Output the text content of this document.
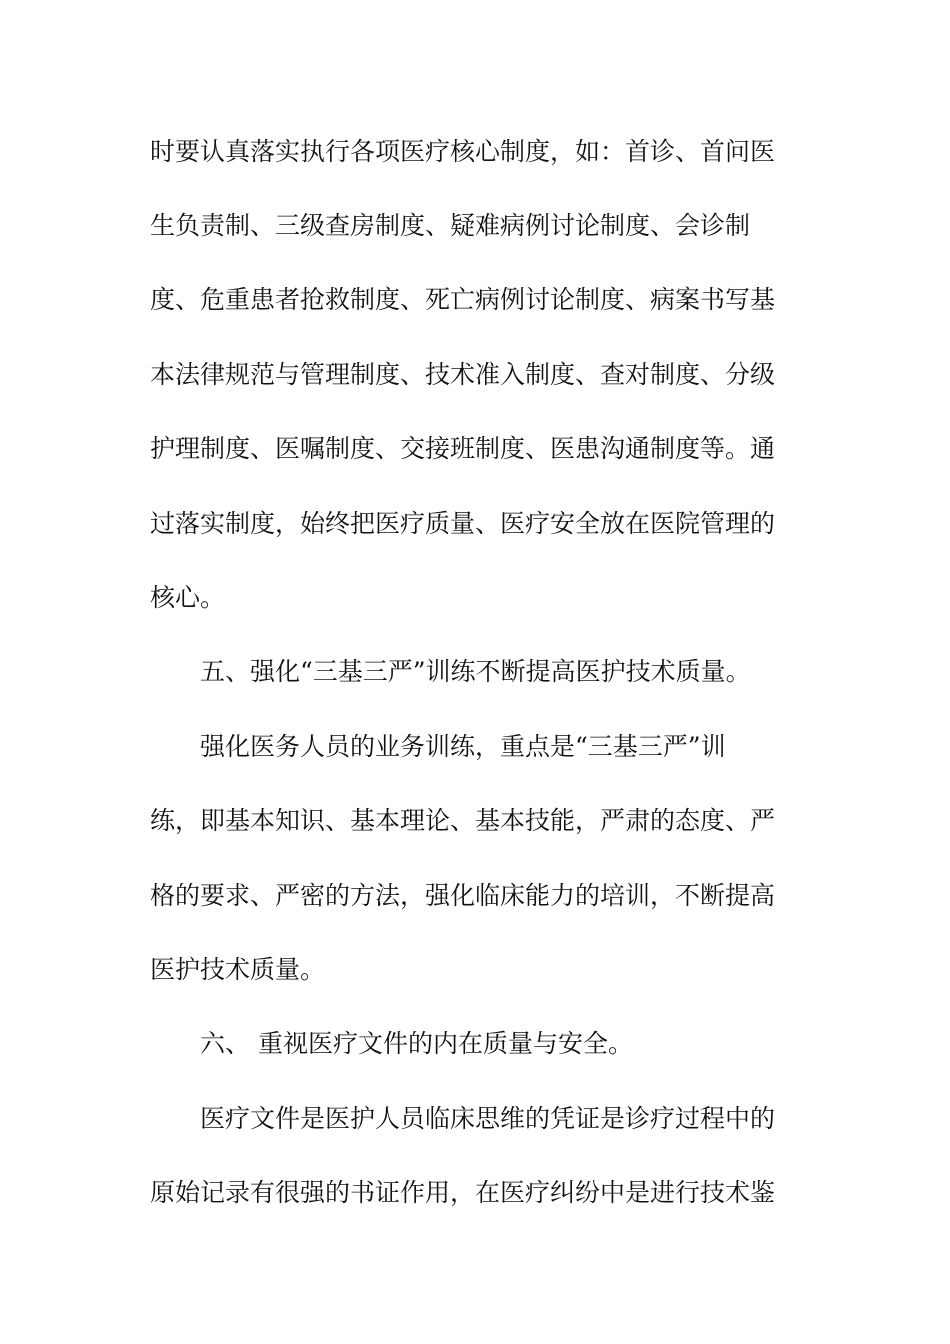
时要认真落实执行各项医疗核心制度，如：首诊、首问医
生负责制、三级查房制度、疑难病例讨论制度、会诊制
度、危重患者抢救制度、死亡病例讨论制度、病案书写基
本法律规范与管理制度、技术准入制度、查对制度、分级
护理制度、医嘱制度、交接班制度、医患沟通制度等。通
过落实制度，始终把医疗质量、医疗安全放在医院管理的
核心。
五、强化“三基三严”训练不断提高医护技术质量。
强化医务人员的业务训练，重点是“三基三严”训
练，即基本知识、基本理论、基本技能，严肃的态度、严
格的要求、严密的方法，强化临床能力的培训，不断提高
医护技术质量。
六、 重视医疗文件的内在质量与安全。
医疗文件是医护人员临床思维的凭证是诊疗过程中的
原始记录有很强的书证作用，在医疗纠纷中是进行技术鉴
